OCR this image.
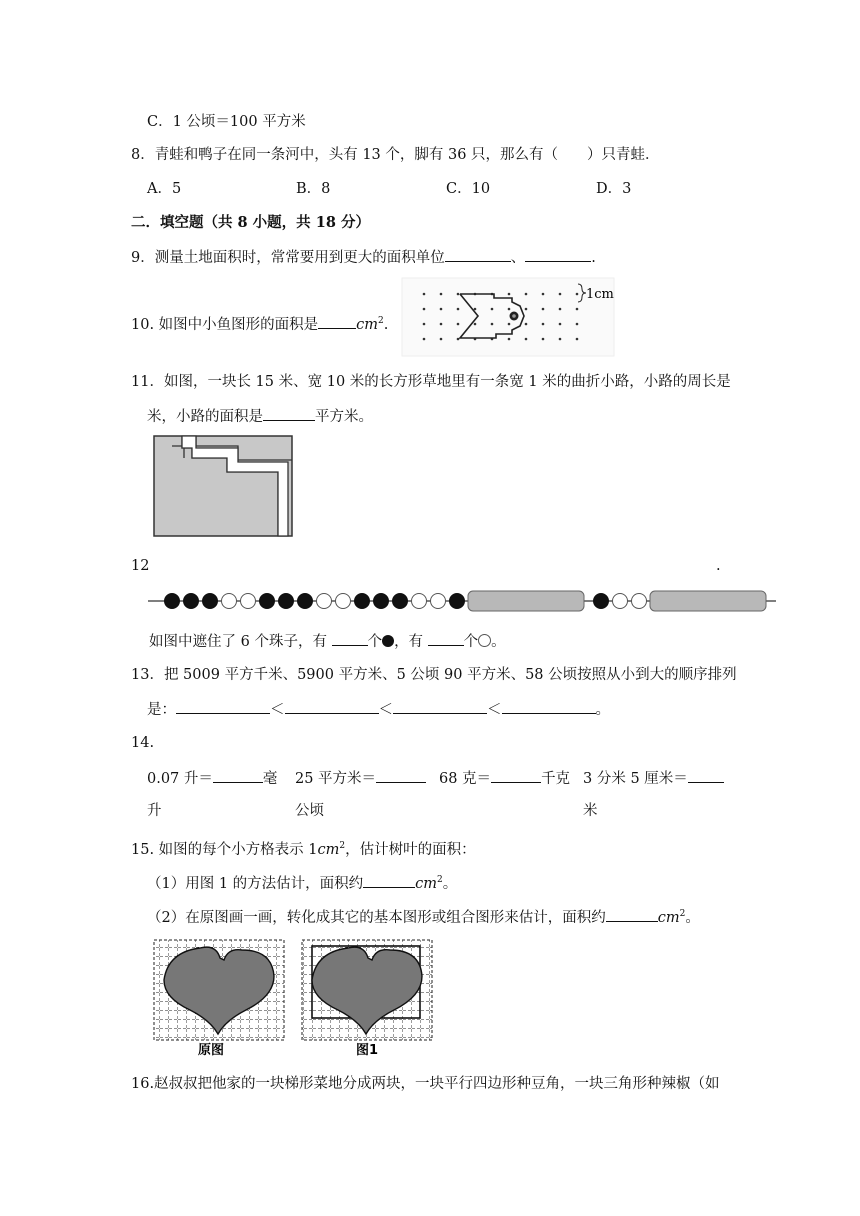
C．1 公顷＝100 平方米
8．青蛙和鸭子在同一条河中，头有 13 个，脚有 36 只，那么有（　　）只青蛙．
A．5	B．8	C．10	D．3
二．填空题（共 8 小题，共 18 分）
9．测量土地面积时，常常要用到更大的面积单位	、	.
10. 如图中小鱼图形的面积是	$cm^2$.
1cm
11．如图，一块长 15 米、宽 10 米的长方形草地里有一条宽 1 米的曲折小路，小路的周长是
米，小路的面积是	平方米。
12	.
如图中遮住了 6 个珠子，有 个 ，有 个 。
13．把 5009 平方千米、5900 平方米、5 公顷 90 平方米、58 公顷按照从小到大的顺序排列
是：	＜	＜	＜	。
14.
0.07 升＝	毫
升
25 平方米＝
公顷
68 克＝	千克 3 分米 5 厘米＝
米
15. 如图的每个小方格表示 $1cm^2$，估计树叶的面积：
（1）用图 1 的方法估计，面积约	$cm^2$。
（2）在原图画一画，转化成其它的基本图形或组合图形来估计，面积约	$cm^2$。
原图	图1
16.赵叔叔把他家的一块梯形菜地分成两块，一块平行四边形种豆角，一块三角形种辣椒（如
